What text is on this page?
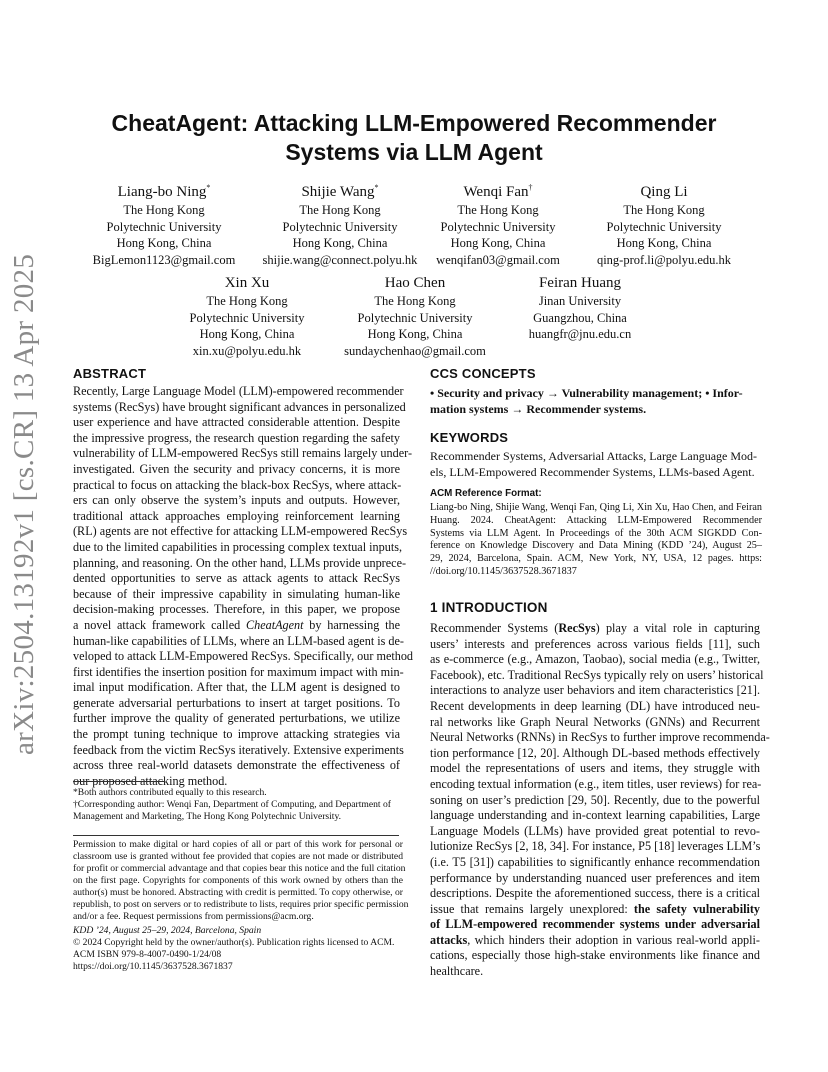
arXiv:2504.13192v1 [cs.CR] 13 Apr 2025
CheatAgent: Attacking LLM-Empowered Recommender
Systems via LLM Agent
Liang-bo Ning*
The Hong Kong
Polytechnic University
Hong Kong, China
BigLemon1123@gmail.com
Shijie Wang*
The Hong Kong
Polytechnic University
Hong Kong, China
shijie.wang@connect.polyu.hk
Wenqi Fan†
The Hong Kong
Polytechnic University
Hong Kong, China
wenqifan03@gmail.com
Qing Li
The Hong Kong
Polytechnic University
Hong Kong, China
qing-prof.li@polyu.edu.hk
Xin Xu
The Hong Kong
Polytechnic University
Hong Kong, China
xin.xu@polyu.edu.hk
Hao Chen
The Hong Kong
Polytechnic University
Hong Kong, China
sundaychenhao@gmail.com
Feiran Huang
Jinan University
Guangzhou, China
huangfr@jnu.edu.cn
ABSTRACT
Recently, Large Language Model (LLM)-empowered recommender
systems (RecSys) have brought significant advances in personalized
user experience and have attracted considerable attention. Despite
the impressive progress, the research question regarding the safety
vulnerability of LLM-empowered RecSys still remains largely under-
investigated. Given the security and privacy concerns, it is more
practical to focus on attacking the black-box RecSys, where attack-
ers can only observe the system’s inputs and outputs. However,
traditional attack approaches employing reinforcement learning
(RL) agents are not effective for attacking LLM-empowered RecSys
due to the limited capabilities in processing complex textual inputs,
planning, and reasoning. On the other hand, LLMs provide unprece-
dented opportunities to serve as attack agents to attack RecSys
because of their impressive capability in simulating human-like
decision-making processes. Therefore, in this paper, we propose
a novel attack framework called CheatAgent by harnessing the
human-like capabilities of LLMs, where an LLM-based agent is de-
veloped to attack LLM-Empowered RecSys. Specifically, our method
first identifies the insertion position for maximum impact with min-
imal input modification. After that, the LLM agent is designed to
generate adversarial perturbations to insert at target positions. To
further improve the quality of generated perturbations, we utilize
the prompt tuning technique to improve attacking strategies via
feedback from the victim RecSys iteratively. Extensive experiments
across three real-world datasets demonstrate the effectiveness of
our proposed attacking method.
*Both authors contributed equally to this research.
†Corresponding author: Wenqi Fan, Department of Computing, and Department of
Management and Marketing, The Hong Kong Polytechnic University.
Permission to make digital or hard copies of all or part of this work for personal or
classroom use is granted without fee provided that copies are not made or distributed
for profit or commercial advantage and that copies bear this notice and the full citation
on the first page. Copyrights for components of this work owned by others than the
author(s) must be honored. Abstracting with credit is permitted. To copy otherwise, or
republish, to post on servers or to redistribute to lists, requires prior specific permission
and/or a fee. Request permissions from permissions@acm.org.
KDD ’24, August 25–29, 2024, Barcelona, Spain
© 2024 Copyright held by the owner/author(s). Publication rights licensed to ACM.
ACM ISBN 979-8-4007-0490-1/24/08
https://doi.org/10.1145/3637528.3671837
CCS CONCEPTS
• Security and privacy → Vulnerability management; • Infor-
mation systems → Recommender systems.
KEYWORDS
Recommender Systems, Adversarial Attacks, Large Language Mod-
els, LLM-Empowered Recommender Systems, LLMs-based Agent.
ACM Reference Format:
Liang-bo Ning, Shijie Wang, Wenqi Fan, Qing Li, Xin Xu, Hao Chen, and Feiran
Huang. 2024. CheatAgent: Attacking LLM-Empowered Recommender
Systems via LLM Agent. In Proceedings of the 30th ACM SIGKDD Con-
ference on Knowledge Discovery and Data Mining (KDD ’24), August 25–
29, 2024, Barcelona, Spain. ACM, New York, NY, USA, 12 pages. https:
//doi.org/10.1145/3637528.3671837
1 INTRODUCTION
Recommender Systems (RecSys) play a vital role in capturing
users’ interests and preferences across various fields [11], such
as e-commerce (e.g., Amazon, Taobao), social media (e.g., Twitter,
Facebook), etc. Traditional RecSys typically rely on users’ historical
interactions to analyze user behaviors and item characteristics [21].
Recent developments in deep learning (DL) have introduced neu-
ral networks like Graph Neural Networks (GNNs) and Recurrent
Neural Networks (RNNs) in RecSys to further improve recommenda-
tion performance [12, 20]. Although DL-based methods effectively
model the representations of users and items, they struggle with
encoding textual information (e.g., item titles, user reviews) for rea-
soning on user’s prediction [29, 50]. Recently, due to the powerful
language understanding and in-context learning capabilities, Large
Language Models (LLMs) have provided great potential to revo-
lutionize RecSys [2, 18, 34]. For instance, P5 [18] leverages LLM’s
(i.e. T5 [31]) capabilities to significantly enhance recommendation
performance by understanding nuanced user preferences and item
descriptions. Despite the aforementioned success, there is a critical
issue that remains largely unexplored: the safety vulnerability
of LLM-empowered recommender systems under adversarial
attacks, which hinders their adoption in various real-world appli-
cations, especially those high-stake environments like finance and
healthcare.
